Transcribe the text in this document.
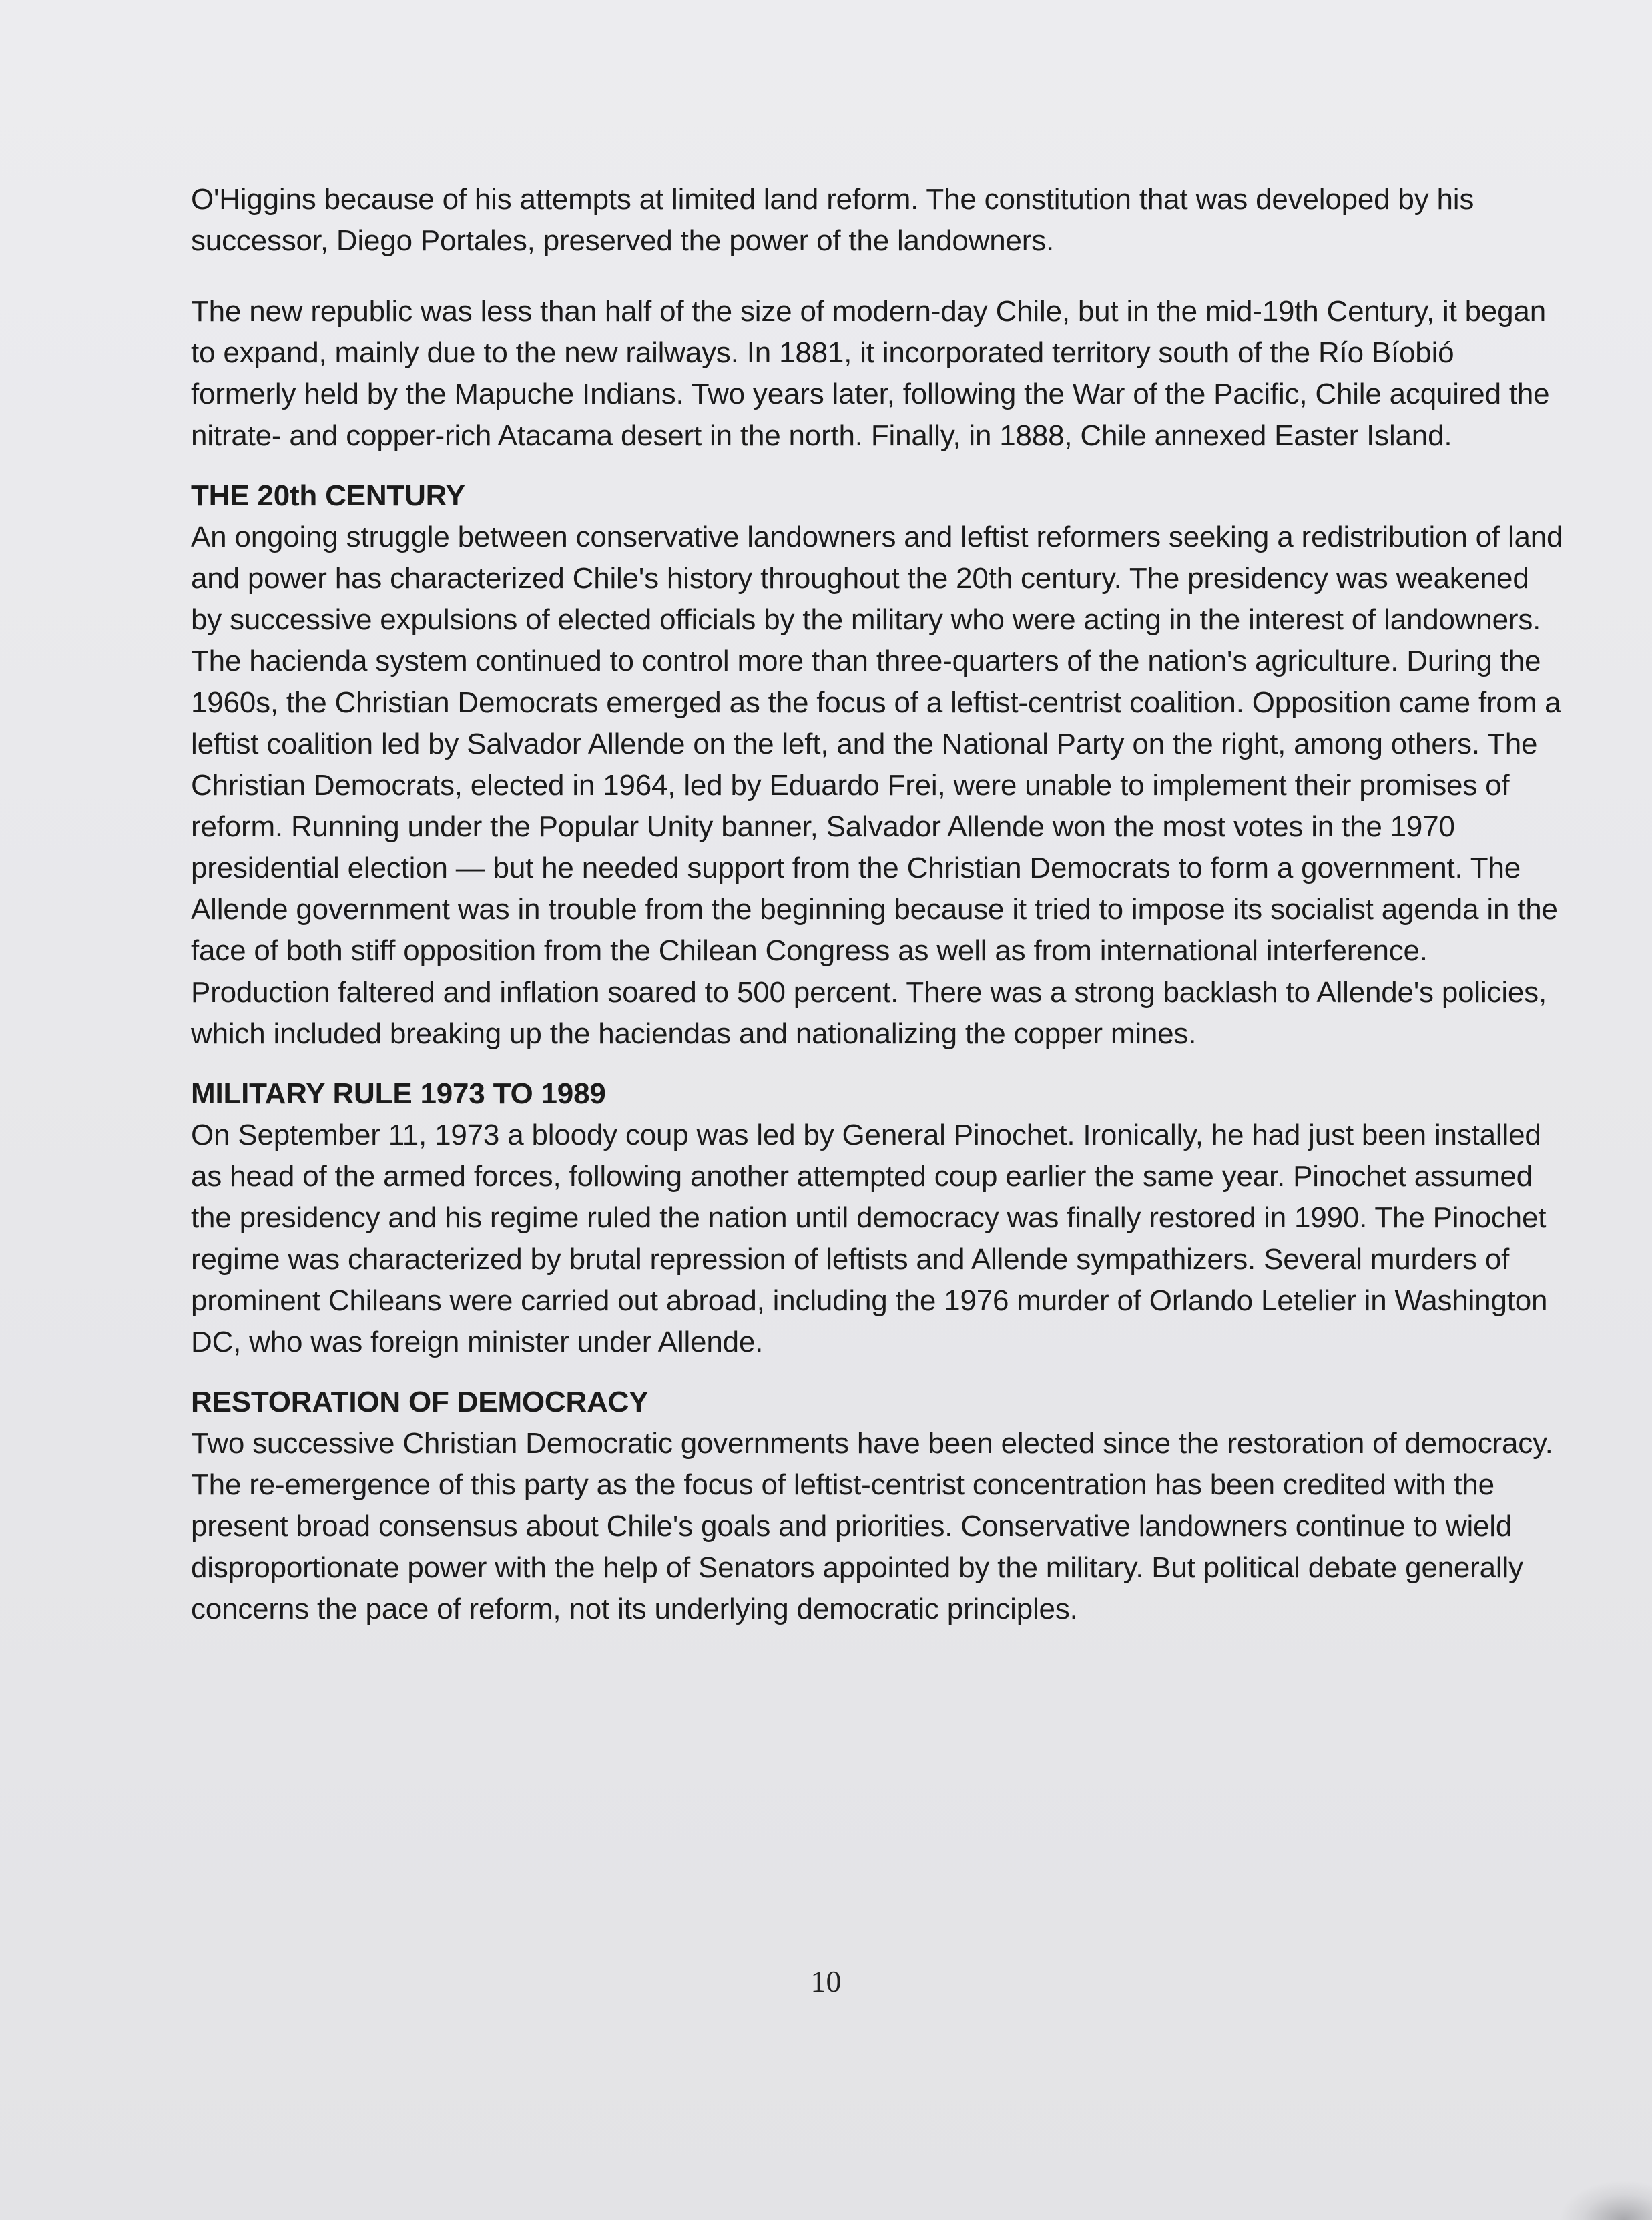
O'Higgins because of his attempts at limited land reform. The constitution that was developed by his successor, Diego Portales, preserved the power of the landowners.

The new republic was less than half of the size of modern-day Chile, but in the mid-19th Century, it began to expand, mainly due to the new railways. In 1881, it incorporated territory south of the Río Bíobió formerly held by the Mapuche Indians. Two years later, following the War of the Pacific, Chile acquired the nitrate- and copper-rich Atacama desert in the north. Finally, in 1888, Chile annexed Easter Island.

THE 20th CENTURY

An ongoing struggle between conservative landowners and leftist reformers seeking a redistribution of land and power has characterized Chile's history throughout the 20th century. The presidency was weakened by successive expulsions of elected officials by the military who were acting in the interest of landowners. The hacienda system continued to control more than three-quarters of the nation's agriculture. During the 1960s, the Christian Democrats emerged as the focus of a leftist-centrist coalition. Opposition came from a leftist coalition led by Salvador Allende on the left, and the National Party on the right, among others. The Christian Democrats, elected in 1964, led by Eduardo Frei, were unable to implement their promises of reform. Running under the Popular Unity banner, Salvador Allende won the most votes in the 1970 presidential election — but he needed support from the Christian Democrats to form a government. The Allende government was in trouble from the beginning because it tried to impose its socialist agenda in the face of both stiff opposition from the Chilean Congress as well as from international interference. Production faltered and inflation soared to 500 percent. There was a strong backlash to Allende's policies, which included breaking up the haciendas and nationalizing the copper mines.

MILITARY RULE 1973 TO 1989

On September 11, 1973 a bloody coup was led by General Pinochet. Ironically, he had just been installed as head of the armed forces, following another attempted coup earlier the same year. Pinochet assumed the presidency and his regime ruled the nation until democracy was finally restored in 1990. The Pinochet regime was characterized by brutal repression of leftists and Allende sympathizers. Several murders of prominent Chileans were carried out abroad, including the 1976 murder of Orlando Letelier in Washington DC, who was foreign minister under Allende.

RESTORATION OF DEMOCRACY

Two successive Christian Democratic governments have been elected since the restoration of democracy. The re-emergence of this party as the focus of leftist-centrist concentration has been credited with the present broad consensus about Chile's goals and priorities. Conservative landowners continue to wield disproportionate power with the help of Senators appointed by the military. But political debate generally concerns the pace of reform, not its underlying democratic principles.

10
